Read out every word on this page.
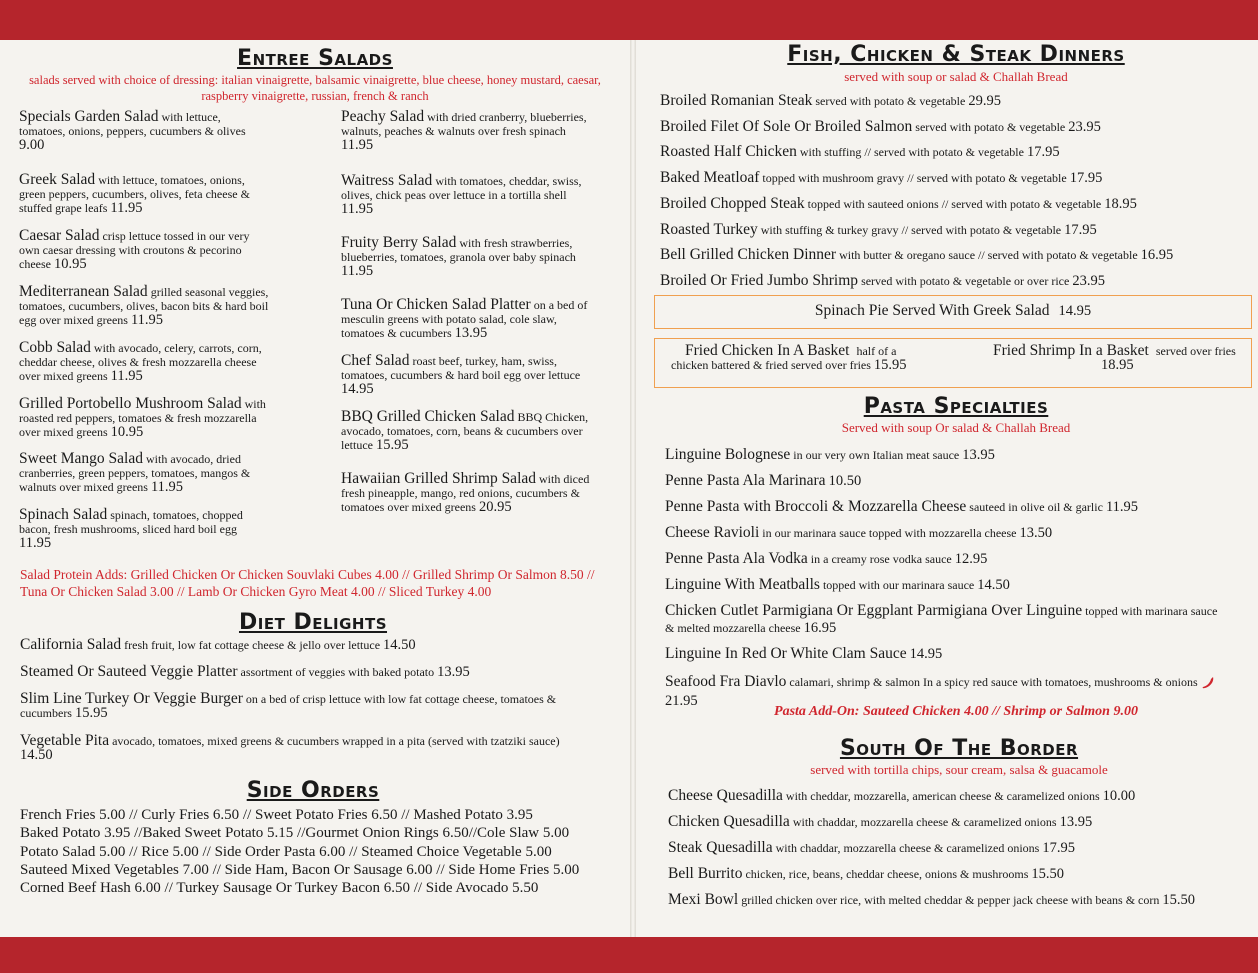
Entree Salads
salads served with choice of dressing: italian vinaigrette, balsamic vinaigrette, blue cheese, honey mustard, caesar, raspberry vinaigrette, russian, french & ranch
Specials Garden Salad with lettuce, tomatoes, onions, peppers, cucumbers & olives
9.00
Greek Salad with lettuce, tomatoes, onions, green peppers, cucumbers, olives, feta cheese & stuffed grape leafs 11.95
Caesar Salad crisp lettuce tossed in our very own caesar dressing with croutons & pecorino cheese 10.95
Mediterranean Salad grilled seasonal veggies, tomatoes, cucumbers, olives, bacon bits & hard boil egg over mixed greens 11.95
Cobb Salad with avocado, celery, carrots, corn, cheddar cheese, olives & fresh mozzarella cheese over mixed greens 11.95
Grilled Portobello Mushroom Salad with roasted red peppers, tomatoes & fresh mozzarella over mixed greens 10.95
Sweet Mango Salad with avocado, dried cranberries, green peppers, tomatoes, mangos & walnuts over mixed greens 11.95
Spinach Salad spinach, tomatoes, chopped bacon, fresh mushrooms, sliced hard boil egg
11.95
Peachy Salad with dried cranberry, blueberries, walnuts, peaches & walnuts over fresh spinach
11.95
Waitress Salad with tomatoes, cheddar, swiss, olives, chick peas over lettuce in a tortilla shell
11.95
Fruity Berry Salad with fresh strawberries, blueberries, tomatoes, granola over baby spinach
11.95
Tuna Or Chicken Salad Platter on a bed of mesculin greens with potato salad, cole slaw, tomatoes & cucumbers 13.95
Chef Salad roast beef, turkey, ham, swiss, tomatoes, cucumbers & hard boil egg over lettuce
14.95
BBQ Grilled Chicken Salad BBQ Chicken, avocado, tomatoes, corn, beans & cucumbers over lettuce 15.95
Hawaiian Grilled Shrimp Salad with diced fresh pineapple, mango, red onions, cucumbers & tomatoes over mixed greens 20.95
Salad Protein Adds: Grilled Chicken Or Chicken Souvlaki Cubes 4.00 // Grilled Shrimp Or Salmon 8.50 // Tuna Or Chicken Salad 3.00 // Lamb Or Chicken Gyro Meat 4.00 // Sliced Turkey 4.00
Diet Delights
California Salad fresh fruit, low fat cottage cheese & jello over lettuce 14.50
Steamed Or Sauteed Veggie Platter assortment of veggies with baked potato 13.95
Slim Line Turkey Or Veggie Burger on a bed of crisp lettuce with low fat cottage cheese, tomatoes & cucumbers 15.95
Vegetable Pita avocado, tomatoes, mixed greens & cucumbers wrapped in a pita (served with tzatziki sauce)
14.50
Side Orders
French Fries 5.00 // Curly Fries 6.50 // Sweet Potato Fries 6.50 // Mashed Potato 3.95
Baked Potato 3.95 //Baked Sweet Potato 5.15 //Gourmet Onion Rings 6.50//Cole Slaw 5.00
Potato Salad 5.00 // Rice 5.00 // Side Order Pasta 6.00 // Steamed Choice Vegetable 5.00
Sauteed Mixed Vegetables 7.00 // Side Ham, Bacon Or Sausage 6.00 // Side Home Fries 5.00
Corned Beef Hash 6.00 // Turkey Sausage Or Turkey Bacon 6.50 // Side Avocado 5.50
Fish, Chicken & Steak Dinners
served with soup or salad & Challah Bread
Broiled Romanian Steak served with potato & vegetable 29.95
Broiled Filet Of Sole Or Broiled Salmon served with potato & vegetable 23.95
Roasted Half Chicken with stuffing // served with potato & vegetable 17.95
Baked Meatloaf topped with mushroom gravy // served with potato & vegetable 17.95
Broiled Chopped Steak topped with sauteed onions // served with potato & vegetable 18.95
Roasted Turkey with stuffing & turkey gravy // served with potato & vegetable 17.95
Bell Grilled Chicken Dinner with butter & oregano sauce // served with potato & vegetable 16.95
Broiled Or Fried Jumbo Shrimp served with potato & vegetable or over rice 23.95
Spinach Pie Served With Greek Salad 14.95
Fried Chicken In A Basket half of a
chicken battered & fried served over fries 15.95
Fried Shrimp In a Basket served over fries
18.95
Pasta Specialties
Served with soup Or salad & Challah Bread
Linguine Bolognese in our very own Italian meat sauce 13.95
Penne Pasta Ala Marinara 10.50
Penne Pasta with Broccoli & Mozzarella Cheese sauteed in olive oil & garlic 11.95
Cheese Ravioli in our marinara sauce topped with mozzarella cheese 13.50
Penne Pasta Ala Vodka in a creamy rose vodka sauce 12.95
Linguine With Meatballs topped with our marinara sauce 14.50
Chicken Cutlet Parmigiana Or Eggplant Parmigiana Over Linguine topped with marinara sauce
& melted mozzarella cheese 16.95
Linguine In Red Or White Clam Sauce 14.95
Seafood Fra Diavlo calamari, shrimp & salmon In a spicy red sauce with tomatoes, mushrooms & onions
21.95
Pasta Add-On: Sauteed Chicken 4.00 // Shrimp or Salmon 9.00
South Of The Border
served with tortilla chips, sour cream, salsa & guacamole
Cheese Quesadilla with cheddar, mozzarella, american cheese & caramelized onions 10.00
Chicken Quesadilla with chaddar, mozzarella cheese & caramelized onions 13.95
Steak Quesadilla with chaddar, mozzarella cheese & caramelized onions 17.95
Bell Burrito chicken, rice, beans, cheddar cheese, onions & mushrooms 15.50
Mexi Bowl grilled chicken over rice, with melted cheddar & pepper jack cheese with beans & corn 15.50
